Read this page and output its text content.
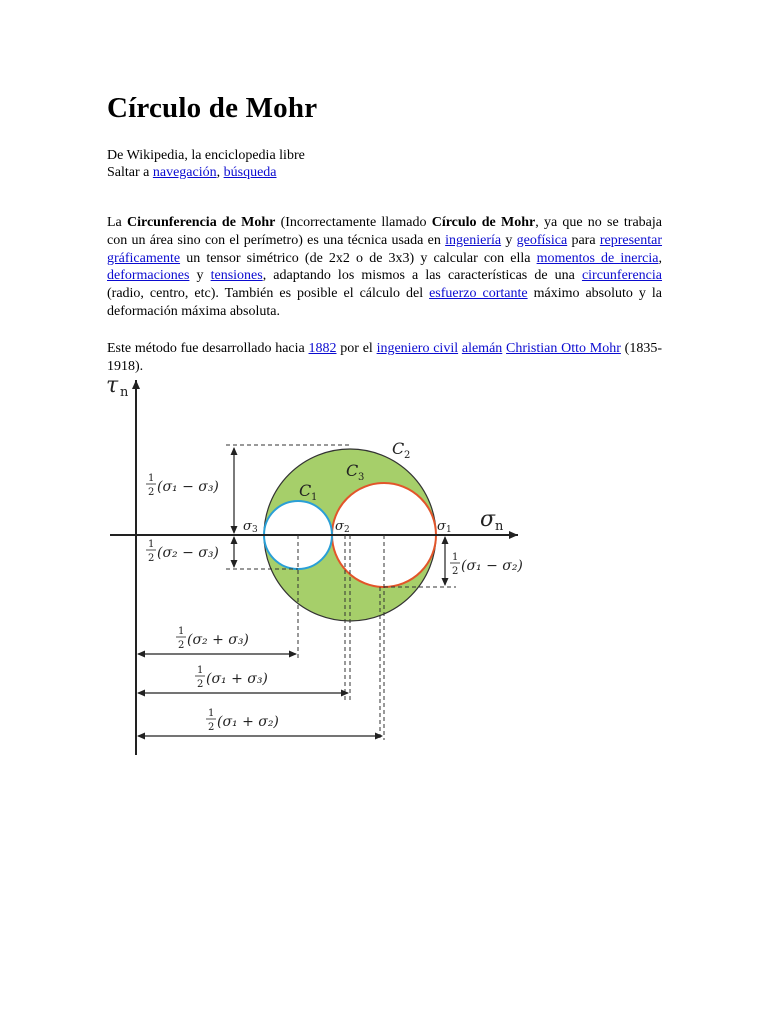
Círculo de Mohr
De Wikipedia, la enciclopedia libre
Saltar a navegación, búsqueda

La Circunferencia de Mohr (Incorrectamente llamado Círculo de Mohr, ya que no se trabaja con un área sino con el perímetro) es una técnica usada en ingeniería y geofísica para representar gráficamente un tensor simétrico (de 2x2 o de 3x3) y calcular con ella momentos de inercia, deformaciones y tensiones, adaptando los mismos a las características de una circunferencia (radio, centro, etc). También es posible el cálculo del esfuerzo cortante máximo absoluto y la deformación máxima absoluta.

Este método fue desarrollado hacia 1882 por el ingeniero civil alemán Christian Otto Mohr (1835-1918).

τ n
σ n
C 1
C 2
C 3
σ 3	σ 2	σ 1
1
2 (σ₁ − σ₃)
1
2 (σ₂ − σ₃)	1
2 (σ₁ − σ₂)
1
2 (σ₂ + σ₃)
1
2 (σ₁ + σ₃)
1
2 (σ₁ + σ₂)
